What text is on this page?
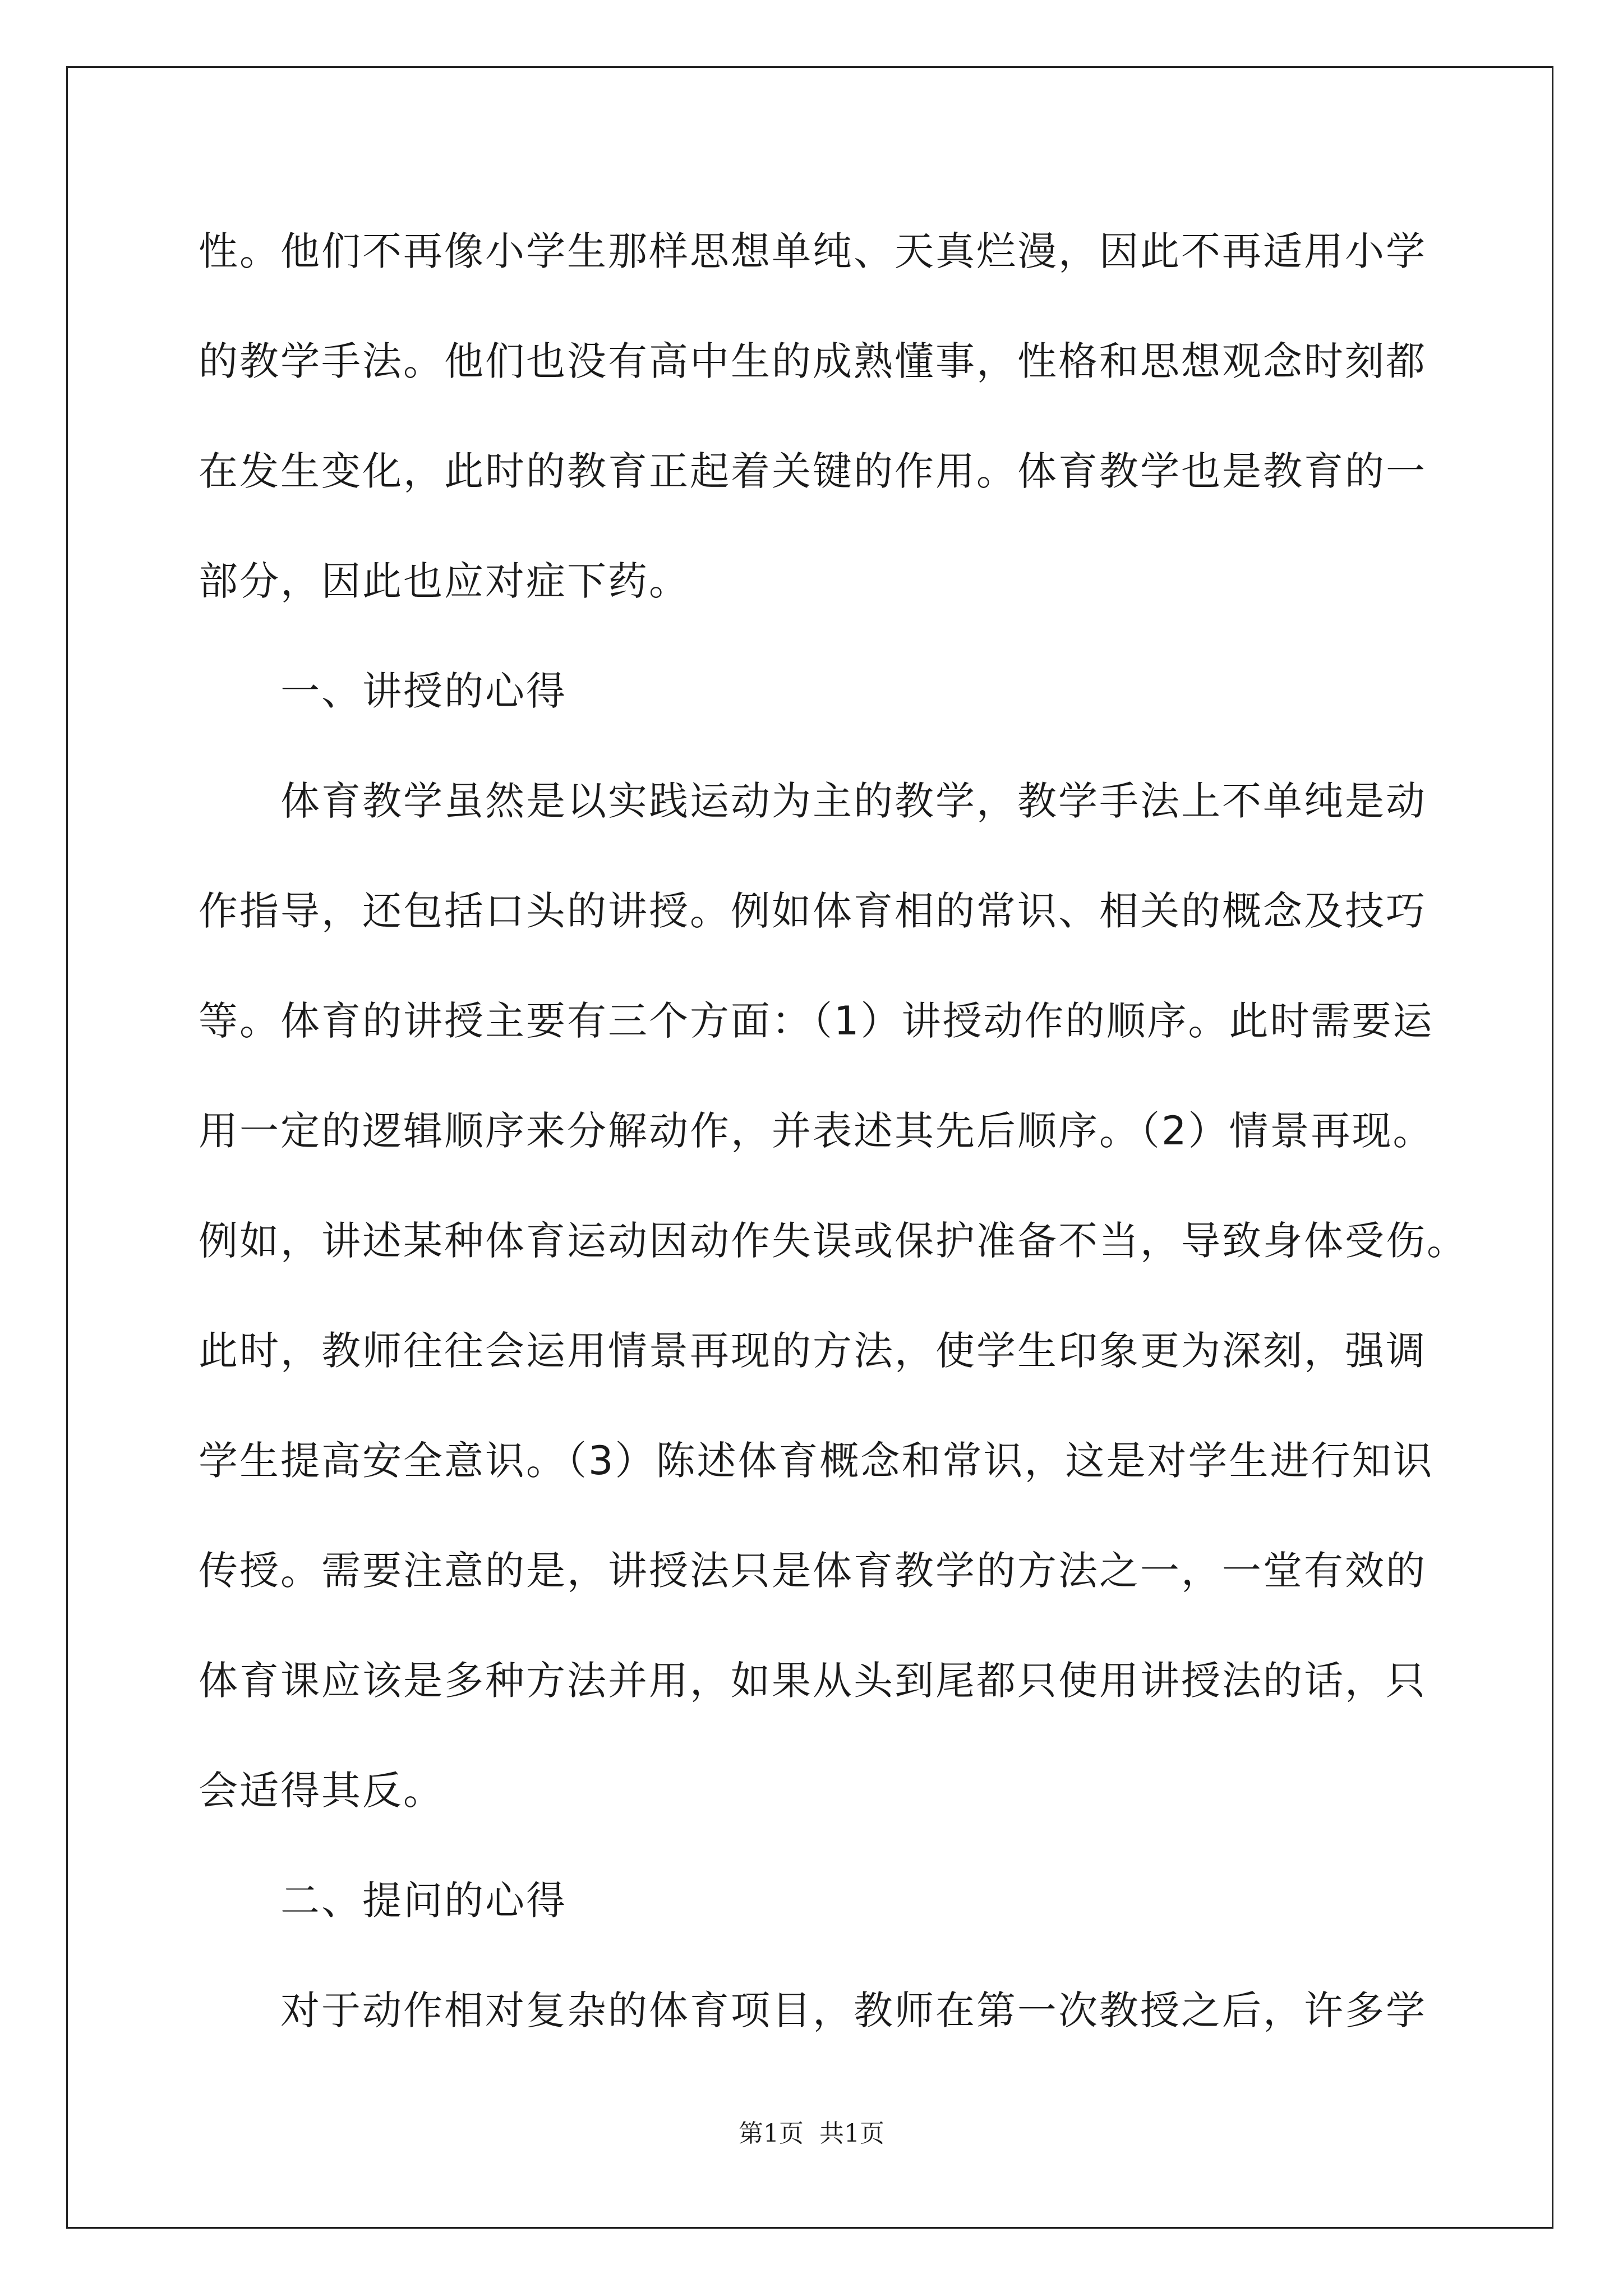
性。他们不再像小学生那样思想单纯、天真烂漫，因此不再适用小学
的教学手法。他们也没有高中生的成熟懂事，性格和思想观念时刻都
在发生变化，此时的教育正起着关键的作用。体育教学也是教育的一
部分，因此也应对症下药。
一、讲授的心得
体育教学虽然是以实践运动为主的教学，教学手法上不单纯是动
作指导，还包括口头的讲授。例如体育相的常识、相关的概念及技巧
等。体育的讲授主要有三个方面：（1）讲授动作的顺序。此时需要运
用一定的逻辑顺序来分解动作，并表述其先后顺序。（2）情景再现。
例如，讲述某种体育运动因动作失误或保护准备不当，导致身体受伤。
此时，教师往往会运用情景再现的方法，使学生印象更为深刻，强调
学生提高安全意识。（3）陈述体育概念和常识，这是对学生进行知识
传授。需要注意的是，讲授法只是体育教学的方法之一，一堂有效的
体育课应该是多种方法并用，如果从头到尾都只使用讲授法的话，只
会适得其反。
二、提问的心得
对于动作相对复杂的体育项目，教师在第一次教授之后，许多学
第1页 共1页
